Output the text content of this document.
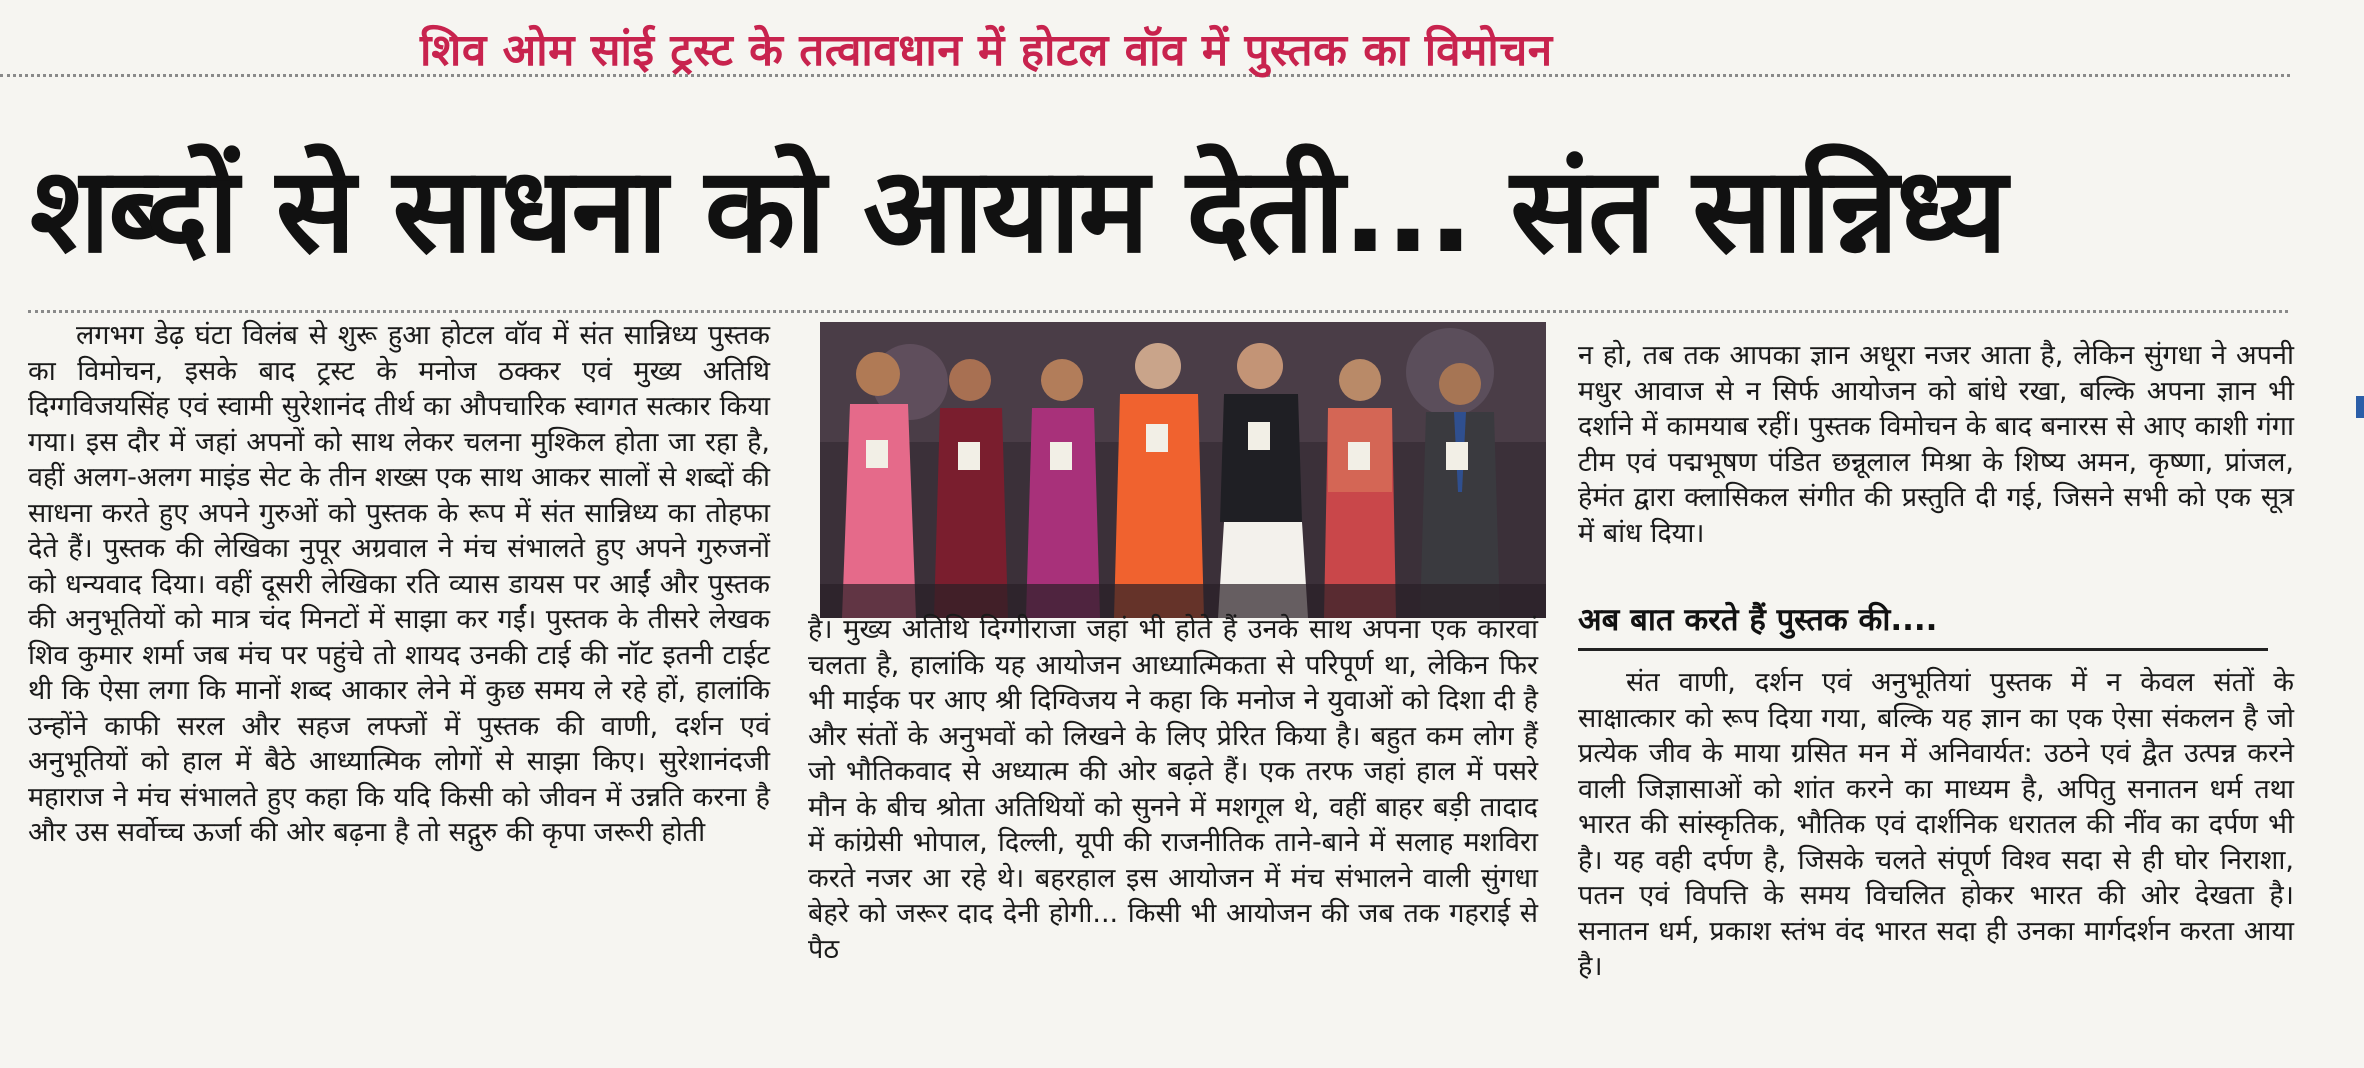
शिव ओम सांई ट्रस्ट के तत्वावधान में होटल वॉव में पुस्तक का विमोचन
शब्दों से साधना को आयाम देती... संत सान्निध्य

लगभग डेढ़ घंटा विलंब से शुरू हुआ होटल वॉव में संत सान्निध्य पुस्तक का विमोचन, इसके बाद ट्रस्ट के मनोज ठक्कर एवं मुख्य अतिथि दिग्गविजयसिंह एवं स्वामी सुरेशानंद तीर्थ का औपचारिक स्वागत सत्कार किया गया। इस दौर में जहां अपनों को साथ लेकर चलना मुश्किल होता जा रहा है, वहीं अलग-अलग माइंड सेट के तीन शख्स एक साथ आकर सालों से शब्दों की साधना करते हुए अपने गुरुओं को पुस्तक के रूप में संत सान्निध्य का तोहफा देते हैं। पुस्तक की लेखिका नुपूर अग्रवाल ने मंच संभालते हुए अपने गुरुजनों को धन्यवाद दिया। वहीं दूसरी लेखिका रति व्यास डायस पर आईं और पुस्तक की अनुभूतियों को मात्र चंद मिनटों में साझा कर गईं। पुस्तक के तीसरे लेखक शिव कुमार शर्मा जब मंच पर पहुंचे तो शायद उनकी टाई की नॉट इतनी टाईट थी कि ऐसा लगा कि मानों शब्द आकार लेने में कुछ समय ले रहे हों, हालांकि उन्होंने काफी सरल और सहज लफ्जों में पुस्तक की वाणी, दर्शन एवं अनुभूतियों को हाल में बैठे आध्यात्मिक लोगों से साझा किए। सुरेशानंदजी महाराज ने मंच संभालते हुए कहा कि यदि किसी को जीवन में उन्नति करना है और उस सर्वोच्च ऊर्जा की ओर बढ़ना है तो सद्गुरु की कृपा जरूरी होती

है। मुख्य अतिथि दिग्गीराजा जहां भी होते हैं उनके साथ अपना एक कारवां चलता है, हालांकि यह आयोजन आध्यात्मिकता से परिपूर्ण था, लेकिन फिर भी माईक पर आए श्री दिग्विजय ने कहा कि मनोज ने युवाओं को दिशा दी है और संतों के अनुभवों को लिखने के लिए प्रेरित किया है। बहुत कम लोग हैं जो भौतिकवाद से अध्यात्म की ओर बढ़ते हैं। एक तरफ जहां हाल में पसरे मौन के बीच श्रोता अतिथियों को सुनने में मशगूल थे, वहीं बाहर बड़ी तादाद में कांग्रेसी भोपाल, दिल्ली, यूपी की राजनीतिक ताने-बाने में सलाह मशविरा करते नजर आ रहे थे। बहरहाल इस आयोजन में मंच संभालने वाली सुंगधा बेहरे को जरूर दाद देनी होगी... किसी भी आयोजन की जब तक गहराई से पैठ

न हो, तब तक आपका ज्ञान अधूरा नजर आता है, लेकिन सुंगधा ने अपनी मधुर आवाज से न सिर्फ आयोजन को बांधे रखा, बल्कि अपना ज्ञान भी दर्शाने में कामयाब रहीं। पुस्तक विमोचन के बाद बनारस से आए काशी गंगा टीम एवं पद्मभूषण पंडित छन्नूलाल मिश्रा के शिष्य अमन, कृष्णा, प्रांजल, हेमंत द्वारा क्लासिकल संगीत की प्रस्तुति दी गई, जिसने सभी को एक सूत्र में बांध दिया।

अब बात करते हैं पुस्तक की....

संत वाणी, दर्शन एवं अनुभूतियां पुस्तक में न केवल संतों के साक्षात्कार को रूप दिया गया, बल्कि यह ज्ञान का एक ऐसा संकलन है जो प्रत्येक जीव के माया ग्रसित मन में अनिवार्यत: उठने एवं द्वैत उत्पन्न करने वाली जिज्ञासाओं को शांत करने का माध्यम है, अपितु सनातन धर्म तथा भारत की सांस्कृतिक, भौतिक एवं दार्शनिक धरातल की नींव का दर्पण भी है। यह वही दर्पण है, जिसके चलते संपूर्ण विश्व सदा से ही घोर निराशा, पतन एवं विपत्ति के समय विचलित होकर भारत की ओर देखता है। सनातन धर्म, प्रकाश स्तंभ वंद भारत सदा ही उनका मार्गदर्शन करता आया है।
